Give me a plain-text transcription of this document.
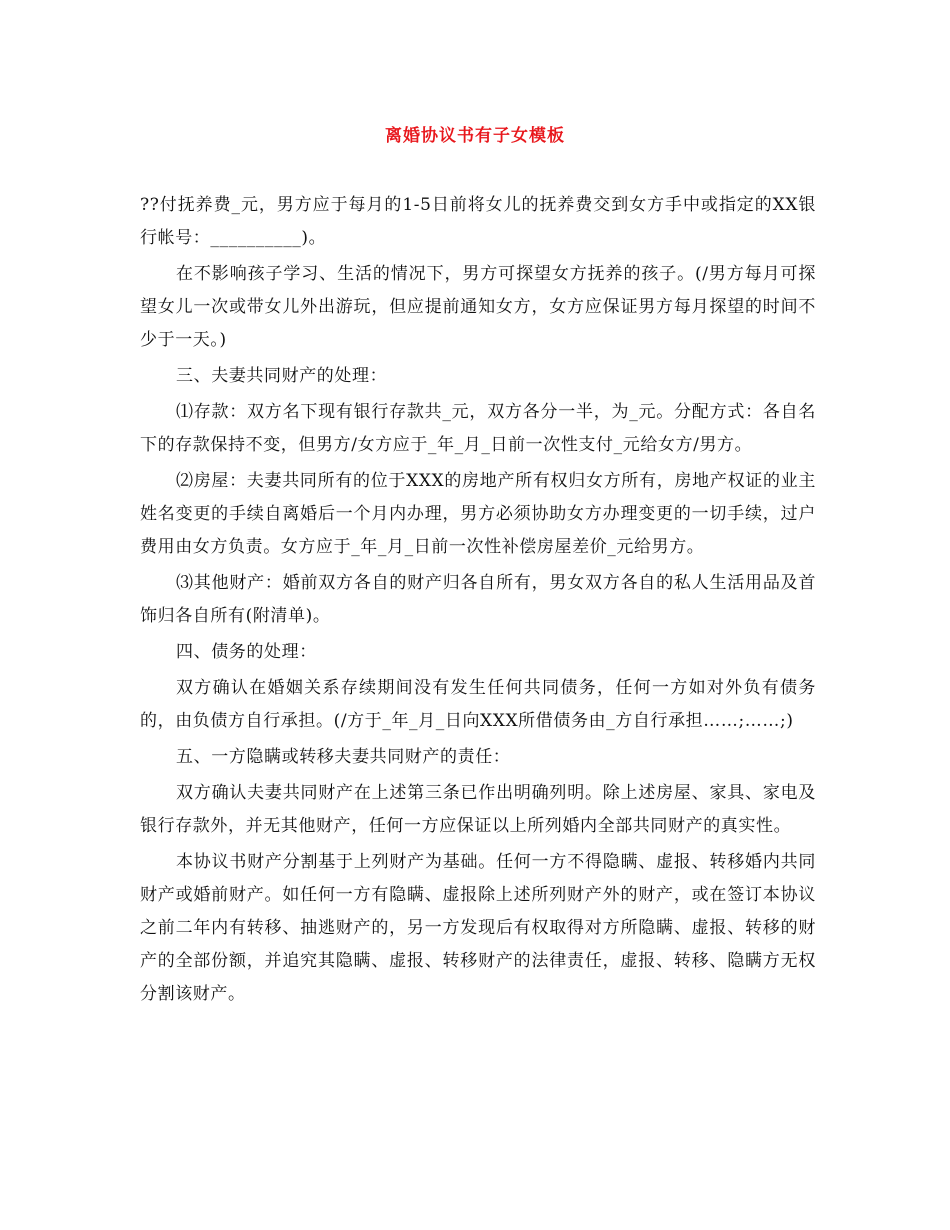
离婚协议书有子女模板

??付抚养费_元，男方应于每月的1-5日前将女儿的抚养费交到女方手中或指定的XX银行帐号：__________)。

在不影响孩子学习、生活的情况下，男方可探望女方抚养的孩子。(/男方每月可探望女儿一次或带女儿外出游玩，但应提前通知女方，女方应保证男方每月探望的时间不少于一天。)

三、夫妻共同财产的处理：

⑴存款：双方名下现有银行存款共_元，双方各分一半，为_元。分配方式：各自名下的存款保持不变，但男方/女方应于_年_月_日前一次性支付_元给女方/男方。

⑵房屋：夫妻共同所有的位于XXX的房地产所有权归女方所有，房地产权证的业主姓名变更的手续自离婚后一个月内办理，男方必须协助女方办理变更的一切手续，过户费用由女方负责。女方应于_年_月_日前一次性补偿房屋差价_元给男方。

⑶其他财产：婚前双方各自的财产归各自所有，男女双方各自的私人生活用品及首饰归各自所有(附清单)。

四、债务的处理：

双方确认在婚姻关系存续期间没有发生任何共同债务，任何一方如对外负有债务的，由负债方自行承担。(/方于_年_月_日向XXX所借债务由_方自行承担……;……;)

五、一方隐瞒或转移夫妻共同财产的责任：

双方确认夫妻共同财产在上述第三条已作出明确列明。除上述房屋、家具、家电及银行存款外，并无其他财产，任何一方应保证以上所列婚内全部共同财产的真实性。

本协议书财产分割基于上列财产为基础。任何一方不得隐瞒、虚报、转移婚内共同财产或婚前财产。如任何一方有隐瞒、虚报除上述所列财产外的财产，或在签订本协议之前二年内有转移、抽逃财产的，另一方发现后有权取得对方所隐瞒、虚报、转移的财产的全部份额，并追究其隐瞒、虚报、转移财产的法律责任，虚报、转移、隐瞒方无权分割该财产。
